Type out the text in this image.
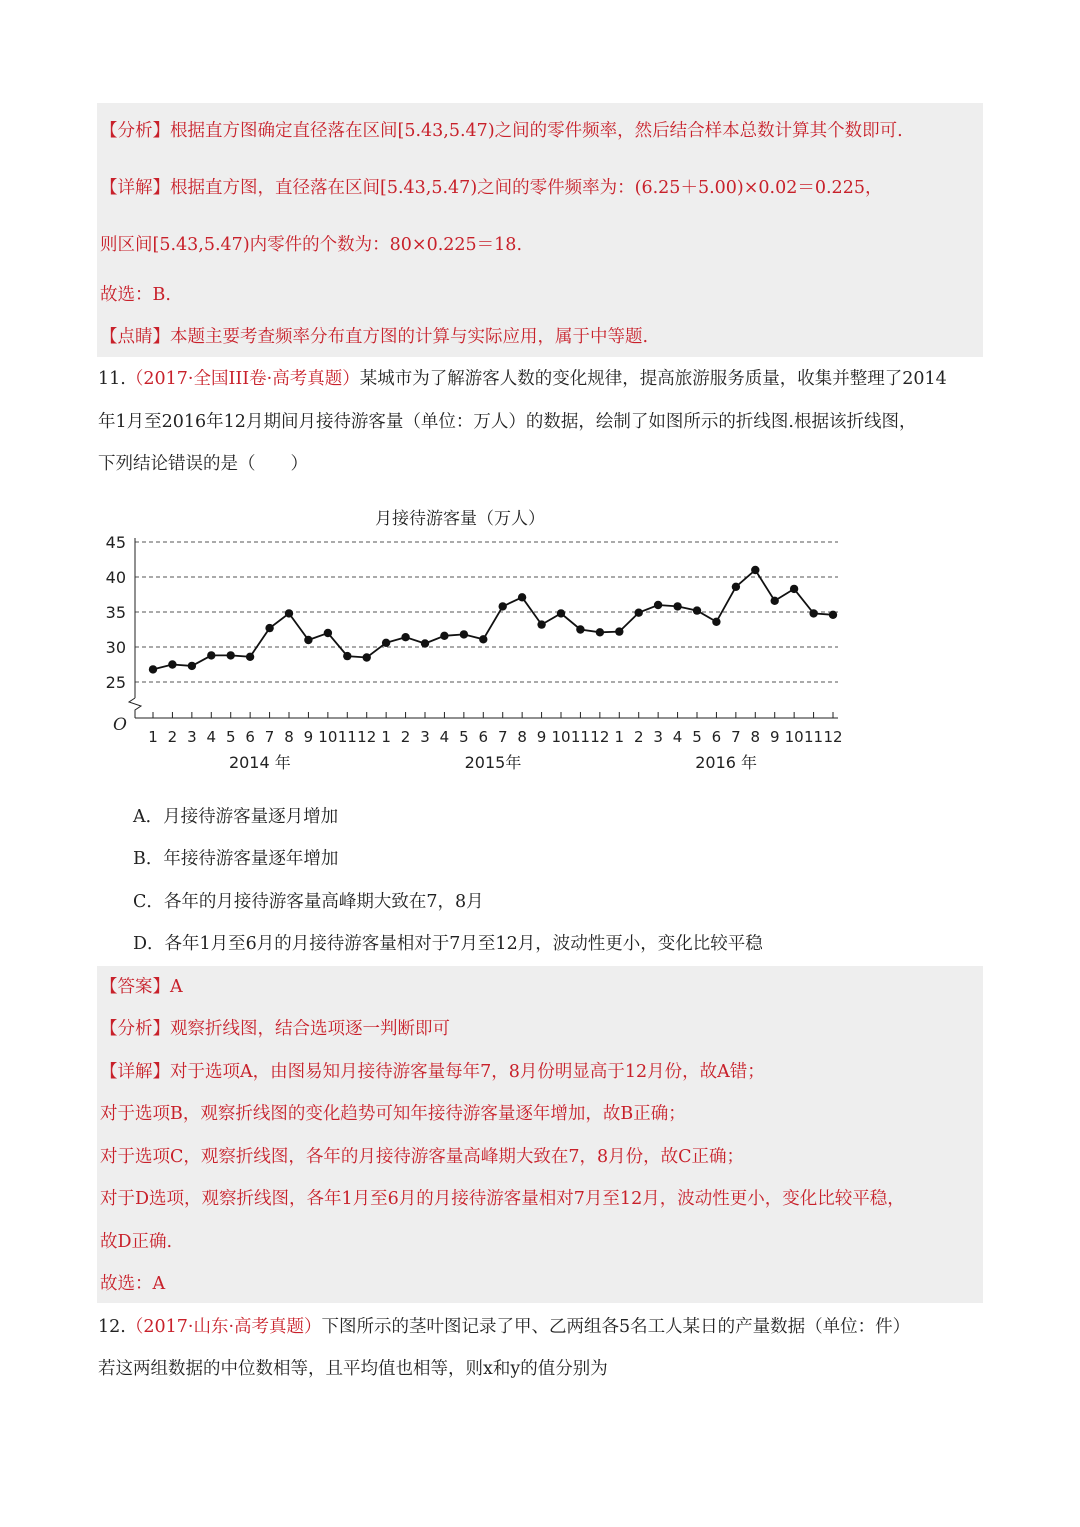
【分析】根据直方图确定直径落在区间[5.43,5.47)之间的零件频率，然后结合样本总数计算其个数即可.
【详解】根据直方图，直径落在区间[5.43,5.47)之间的零件频率为：(6.25＋5.00)×0.02＝0.225，
则区间[5.43,5.47)内零件的个数为：80×0.225＝18.
故选：B.
【点睛】本题主要考查频率分布直方图的计算与实际应用，属于中等题.
11.（2017·全国III卷·高考真题）某城市为了解游客人数的变化规律，提高旅游服务质量，收集并整理了2014
年1月至2016年12月期间月接待游客量（单位：万人）的数据，绘制了如图所示的折线图.根据该折线图，
下列结论错误的是（　　）
月接待游客量（万人）
25
30
35
40
45
1 2 3 4 5 6 7 8 9 10 11 12 1 2 3 4 5 6 7 8 9 10 11 12 1 2 3 4 5 6 7 8 9 10 11 12
O
2014 年	2015年	2016 年
A．月接待游客量逐月增加
B．年接待游客量逐年增加
C．各年的月接待游客量高峰期大致在7，8月
D．各年1月至6月的月接待游客量相对于7月至12月，波动性更小，变化比较平稳
【答案】A
【分析】观察折线图，结合选项逐一判断即可
【详解】对于选项A，由图易知月接待游客量每年7，8月份明显高于12月份，故A错；
对于选项B，观察折线图的变化趋势可知年接待游客量逐年增加，故B正确；
对于选项C，观察折线图，各年的月接待游客量高峰期大致在7，8月份，故C正确；
对于D选项，观察折线图，各年1月至6月的月接待游客量相对7月至12月，波动性更小，变化比较平稳，
故D正确.
故选：A
12.（2017·山东·高考真题）下图所示的茎叶图记录了甲、乙两组各5名工人某日的产量数据（单位：件）
若这两组数据的中位数相等，且平均值也相等，则x和y的值分别为
